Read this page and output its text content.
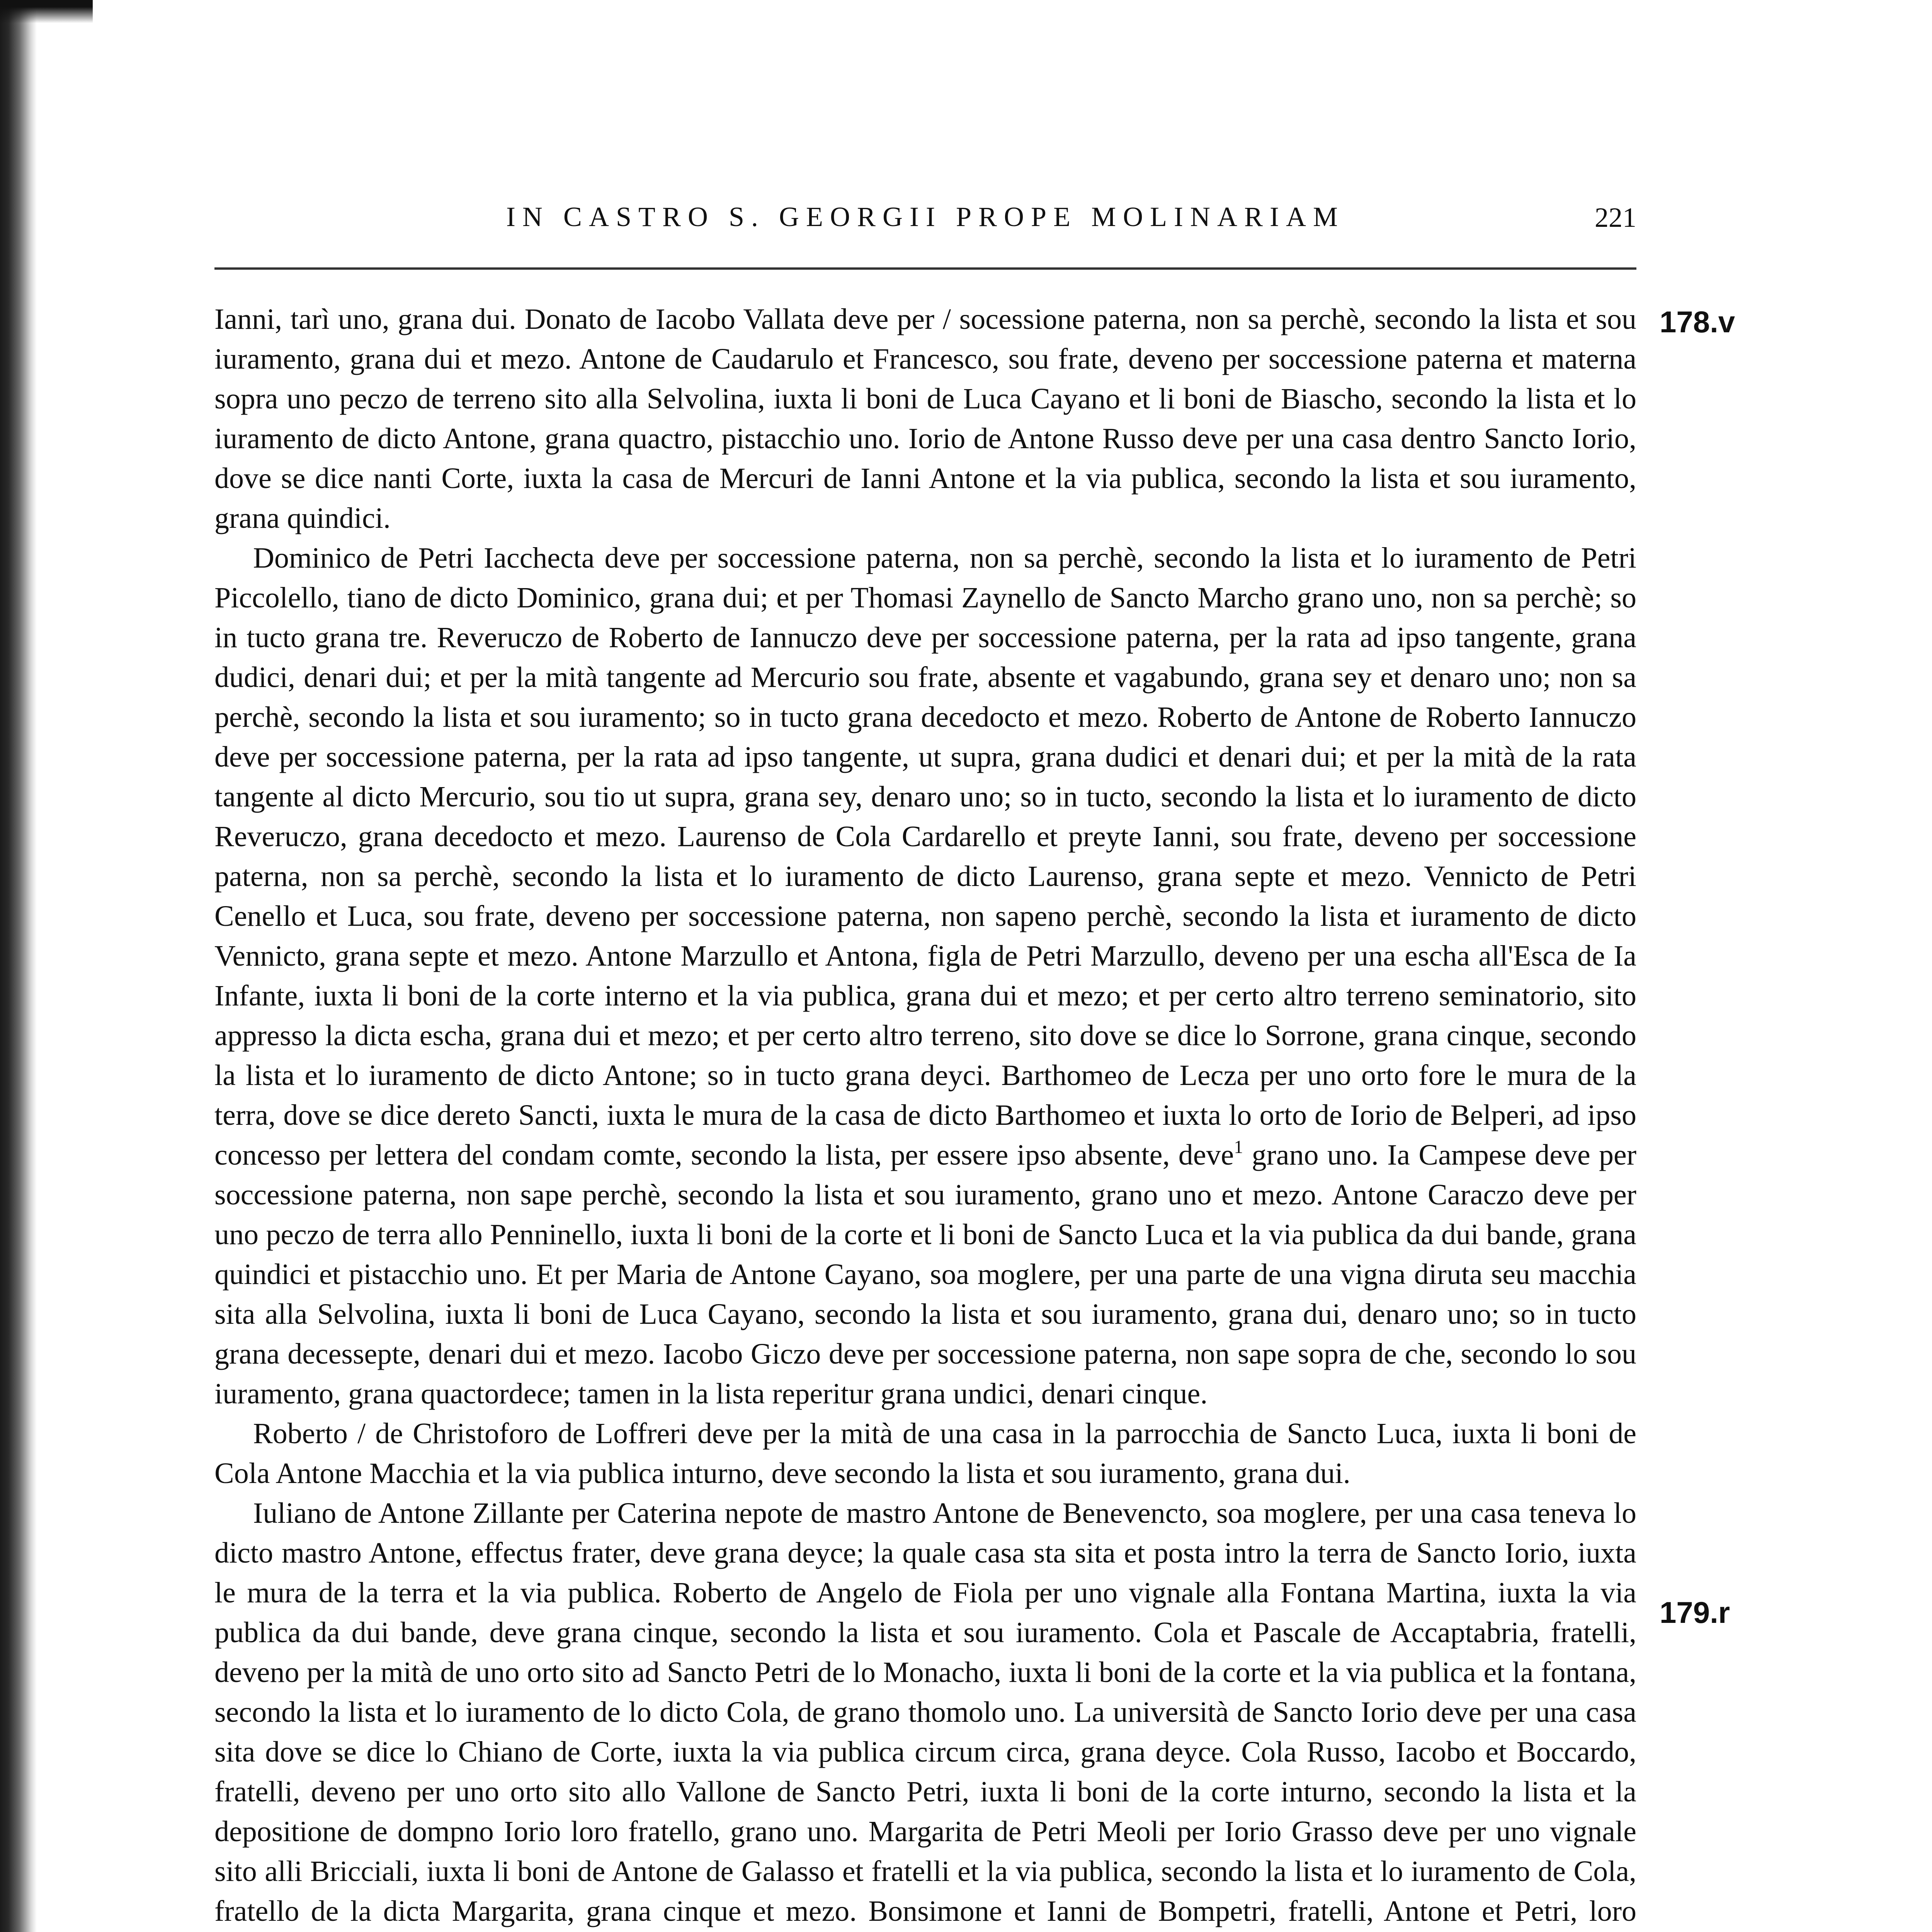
IN CASTRO S. GEORGII PROPE MOLINARIAM	221

Ianni, tarì uno, grana dui. Donato de Iacobo Vallata deve per / socessione paterna, non sa perchè, secondo la lista et sou iuramento, grana dui et mezo. Antone de Caudarulo et Francesco, sou frate, deveno per soccessione paterna et materna sopra uno peczo de terreno sito alla Selvolina, iuxta li boni de Luca Cayano et li boni de Biascho, secondo la lista et lo iuramento de dicto Antone, grana quactro, pistacchio uno. Iorio de Antone Russo deve per una casa dentro Sancto Iorio, dove se dice nanti Corte, iuxta la casa de Mercuri de Ianni Antone et la via publica, secondo la lista et sou iuramento, grana quindici.

Dominico de Petri Iacchecta deve per soccessione paterna, non sa perchè, secondo la lista et lo iuramento de Petri Piccolello, tiano de dicto Dominico, grana dui; et per Thomasi Zaynello de Sancto Marcho grano uno, non sa perchè; so in tucto grana tre. Reveruczo de Roberto de Iannuczo deve per soccessione paterna, per la rata ad ipso tangente, grana dudici, denari dui; et per la mità tangente ad Mercurio sou frate, absente et vagabundo, grana sey et denaro uno; non sa perchè, secondo la lista et sou iuramento; so in tucto grana decedocto et mezo. Roberto de Antone de Roberto Iannuczo deve per soccessione paterna, per la rata ad ipso tangente, ut supra, grana dudici et denari dui; et per la mità de la rata tangente al dicto Mercurio, sou tio ut supra, grana sey, denaro uno; so in tucto, secondo la lista et lo iuramento de dicto Reveruczo, grana decedocto et mezo. Laurenso de Cola Cardarello et preyte Ianni, sou frate, deveno per soccessione paterna, non sa perchè, secondo la lista et lo iuramento de dicto Laurenso, grana septe et mezo. Vennicto de Petri Cenello et Luca, sou frate, deveno per soccessione paterna, non sapeno perchè, secondo la lista et iuramento de dicto Vennicto, grana septe et mezo. Antone Marzullo et Antona, figla de Petri Marzullo, deveno per una escha all'Esca de Ia Infante, iuxta li boni de la corte interno et la via publica, grana dui et mezo; et per certo altro terreno seminatorio, sito appresso la dicta escha, grana dui et mezo; et per certo altro terreno, sito dove se dice lo Sorrone, grana cinque, secondo la lista et lo iuramento de dicto Antone; so in tucto grana deyci. Barthomeo de Lecza per uno orto fore le mura de la terra, dove se dice dereto Sancti, iuxta le mura de la casa de dicto Barthomeo et iuxta lo orto de Iorio de Belperi, ad ipso concesso per lettera del condam comte, secondo la lista, per essere ipso absente, deve$^1$ grano uno. Ia Campese deve per soccessione paterna, non sape perchè, secondo la lista et sou iuramento, grano uno et mezo. Antone Caraczo deve per uno peczo de terra allo Penninello, iuxta li boni de la corte et li boni de Sancto Luca et la via publica da dui bande, grana quindici et pistacchio uno. Et per Maria de Antone Cayano, soa moglere, per una parte de una vigna diruta seu macchia sita alla Selvolina, iuxta li boni de Luca Cayano, secondo la lista et sou iuramento, grana dui, denaro uno; so in tucto grana decessepte, denari dui et mezo. Iacobo Giczo deve per soccessione paterna, non sape sopra de che, secondo lo sou iuramento, grana quactordece; tamen in la lista reperitur grana undici, denari cinque.

Roberto / de Christoforo de Loffreri deve per la mità de una casa in la parrocchia de Sancto Luca, iuxta li boni de Cola Antone Macchia et la via publica inturno, deve secondo la lista et sou iuramento, grana dui.

Iuliano de Antone Zillante per Caterina nepote de mastro Antone de Benevencto, soa moglere, per una casa teneva lo dicto mastro Antone, effectus frater, deve grana deyce; la quale casa sta sita et posta intro la terra de Sancto Iorio, iuxta le mura de la terra et la via publica. Roberto de Angelo de Fiola per uno vignale alla Fontana Martina, iuxta la via publica da dui bande, deve grana cinque, secondo la lista et sou iuramento. Cola et Pascale de Accaptabria, fratelli, deveno per la mità de uno orto sito ad Sancto Petri de lo Monacho, iuxta li boni de la corte et la via publica et la fontana, secondo la lista et lo iuramento de lo dicto Cola, de grano thomolo uno. La università de Sancto Iorio deve per una casa sita dove se dice lo Chiano de Corte, iuxta la via publica circum circa, grana deyce. Cola Russo, Iacobo et Boccardo, fratelli, deveno per uno orto sito allo Vallone de Sancto Petri, iuxta li boni de la corte inturno, secondo la lista et la depositione de dompno Iorio loro fratello, grano uno. Margarita de Petri Meoli per Iorio Grasso deve per uno vignale sito alli Bricciali, iuxta li boni de Antone de Galasso et fratelli et la via publica, secondo la lista et lo iuramento de Cola, fratello de la dicta Margarita, grana cinque et mezo. Bonsimone et Ianni de Bompetri, fratelli, Antone et Petri, loro

178.v
179.r
